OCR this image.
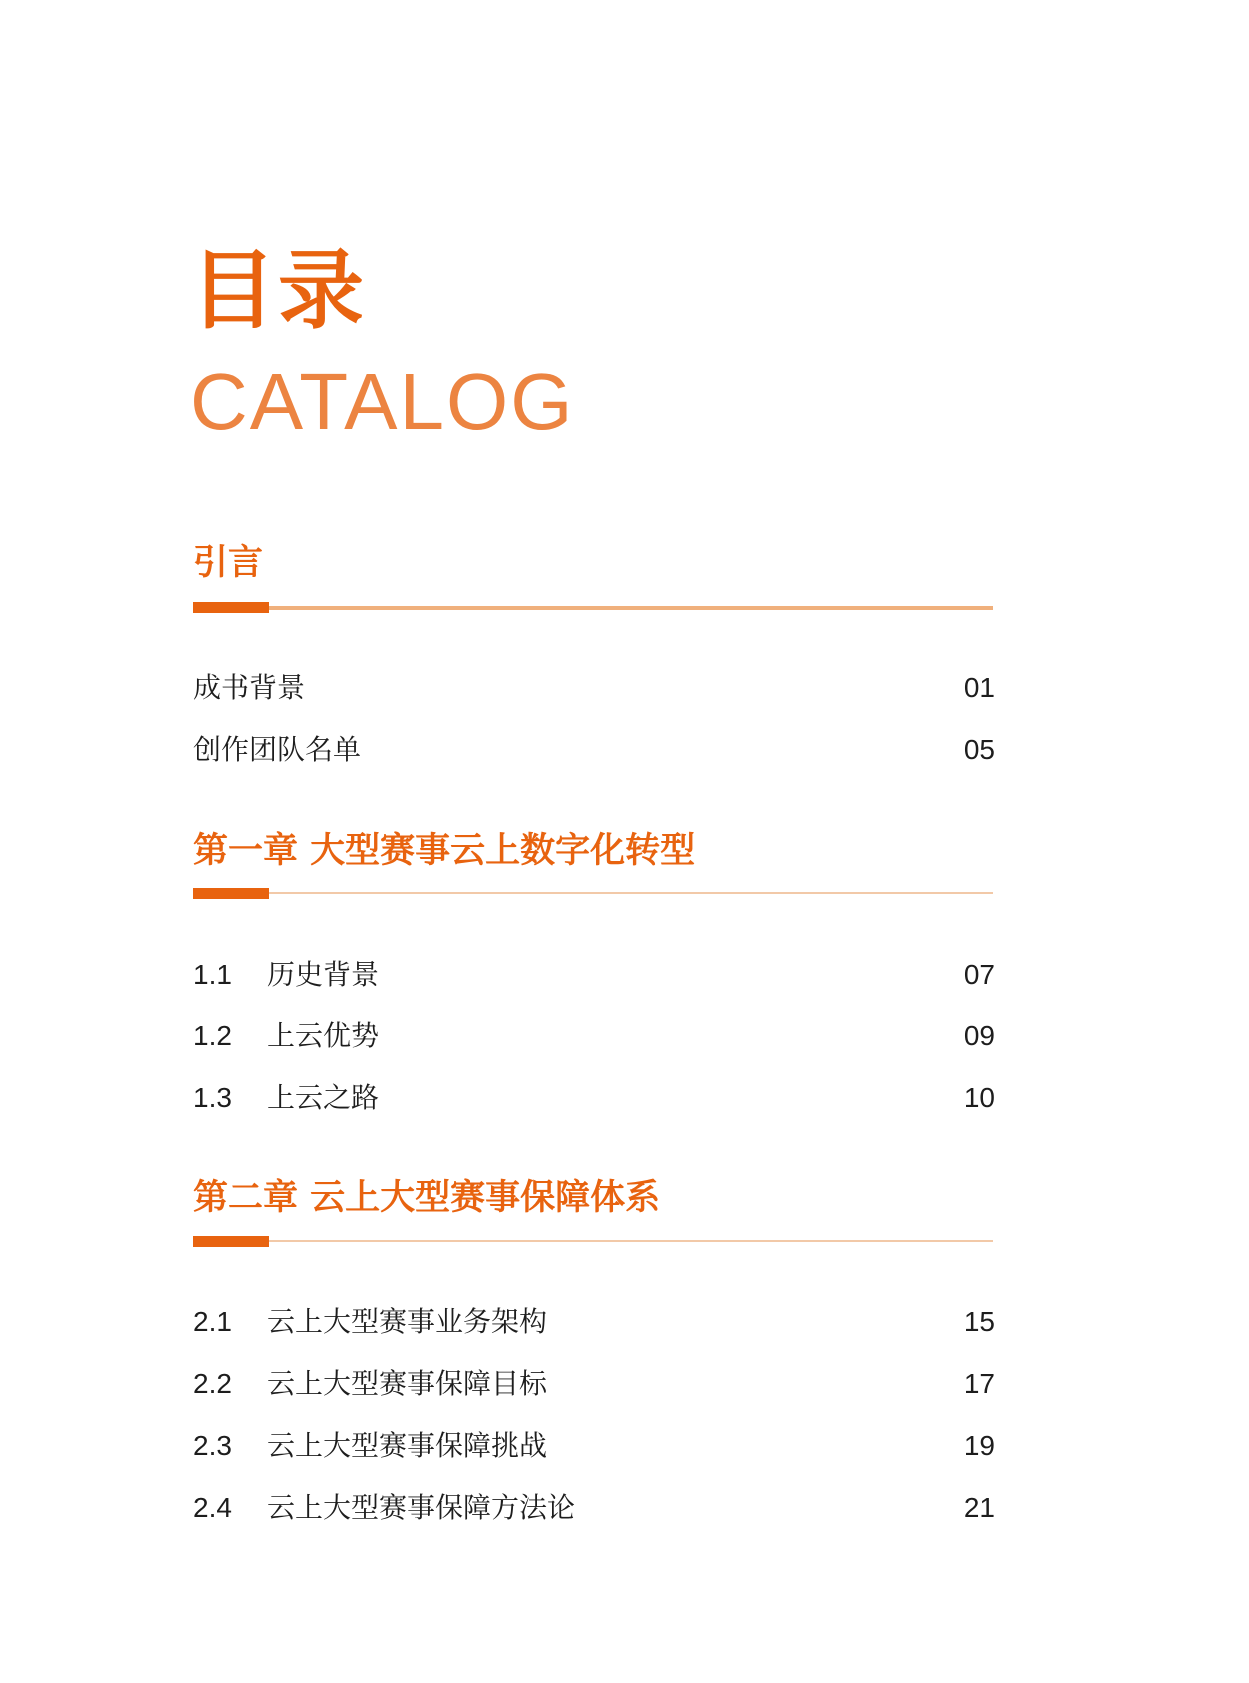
目录
CATALOG
引言
成书背景	01
创作团队名单	05
第一章 大型赛事云上数字化转型
1.1 历史背景	07
1.2 上云优势	09
1.3 上云之路	10
第二章 云上大型赛事保障体系
2.1 云上大型赛事业务架构	15
2.2 云上大型赛事保障目标	17
2.3 云上大型赛事保障挑战	19
2.4 云上大型赛事保障方法论	21
